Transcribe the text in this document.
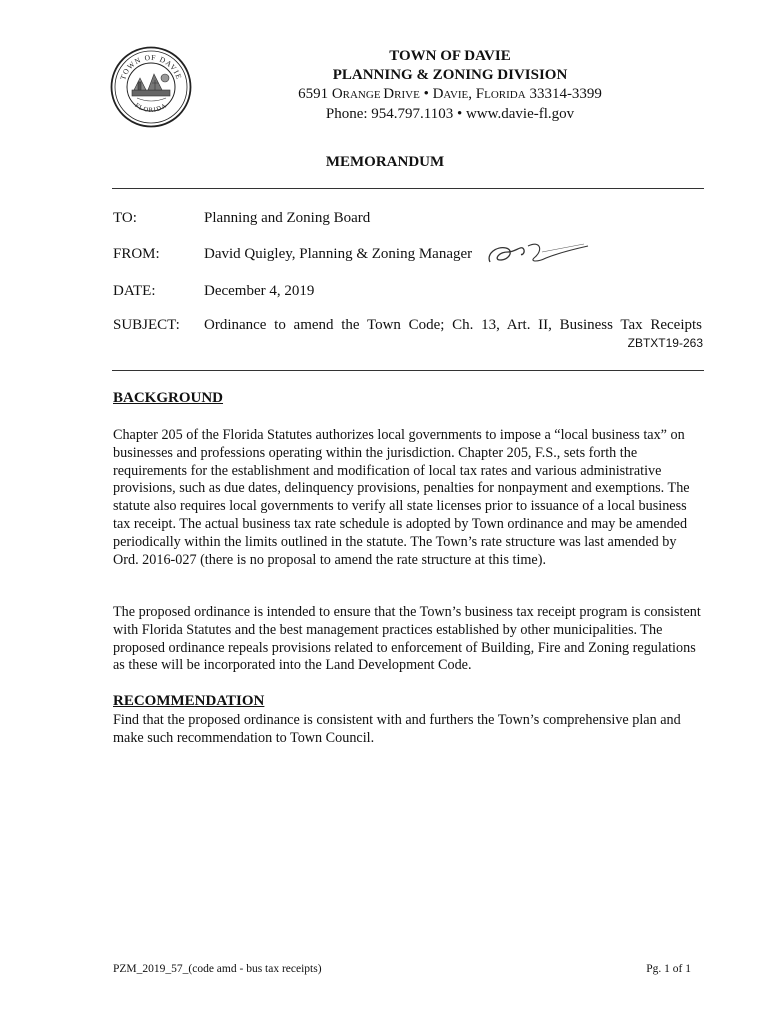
TOWN OF DAVIE
FLORIDA
TOWN OF DAVIE
PLANNING & ZONING DIVISION
6591 ORANGE DRIVE • DAVIE, FLORIDA 33314-3399
Phone: 954.797.1103 • www.davie-fl.gov
MEMORANDUM
TO:	Planning and Zoning Board
FROM:	David Quigley, Planning & Zoning Manager
DATE:	December 4, 2019
SUBJECT: Ordinance to amend the Town Code; Ch. 13, Art. II, Business Tax Receipts
ZBTXT19-263
BACKGROUND
Chapter 205 of the Florida Statutes authorizes local governments to impose a “local business tax” on businesses and professions operating within the jurisdiction. Chapter 205, F.S., sets forth the requirements for the establishment and modification of local tax rates and various administrative provisions, such as due dates, delinquency provisions, penalties for nonpayment and exemptions. The statute also requires local governments to verify all state licenses prior to issuance of a local business tax receipt. The actual business tax rate schedule is adopted by Town ordinance and may be amended periodically within the limits outlined in the statute. The Town’s rate structure was last amended by Ord. 2016-027 (there is no proposal to amend the rate structure at this time).
The proposed ordinance is intended to ensure that the Town’s business tax receipt program is consistent with Florida Statutes and the best management practices established by other municipalities. The proposed ordinance repeals provisions related to enforcement of Building, Fire and Zoning regulations as these will be incorporated into the Land Development Code.
RECOMMENDATION
Find that the proposed ordinance is consistent with and furthers the Town’s comprehensive plan and make such recommendation to Town Council.
PZM_2019_57_(code amd - bus tax receipts)	Pg. 1 of 1
